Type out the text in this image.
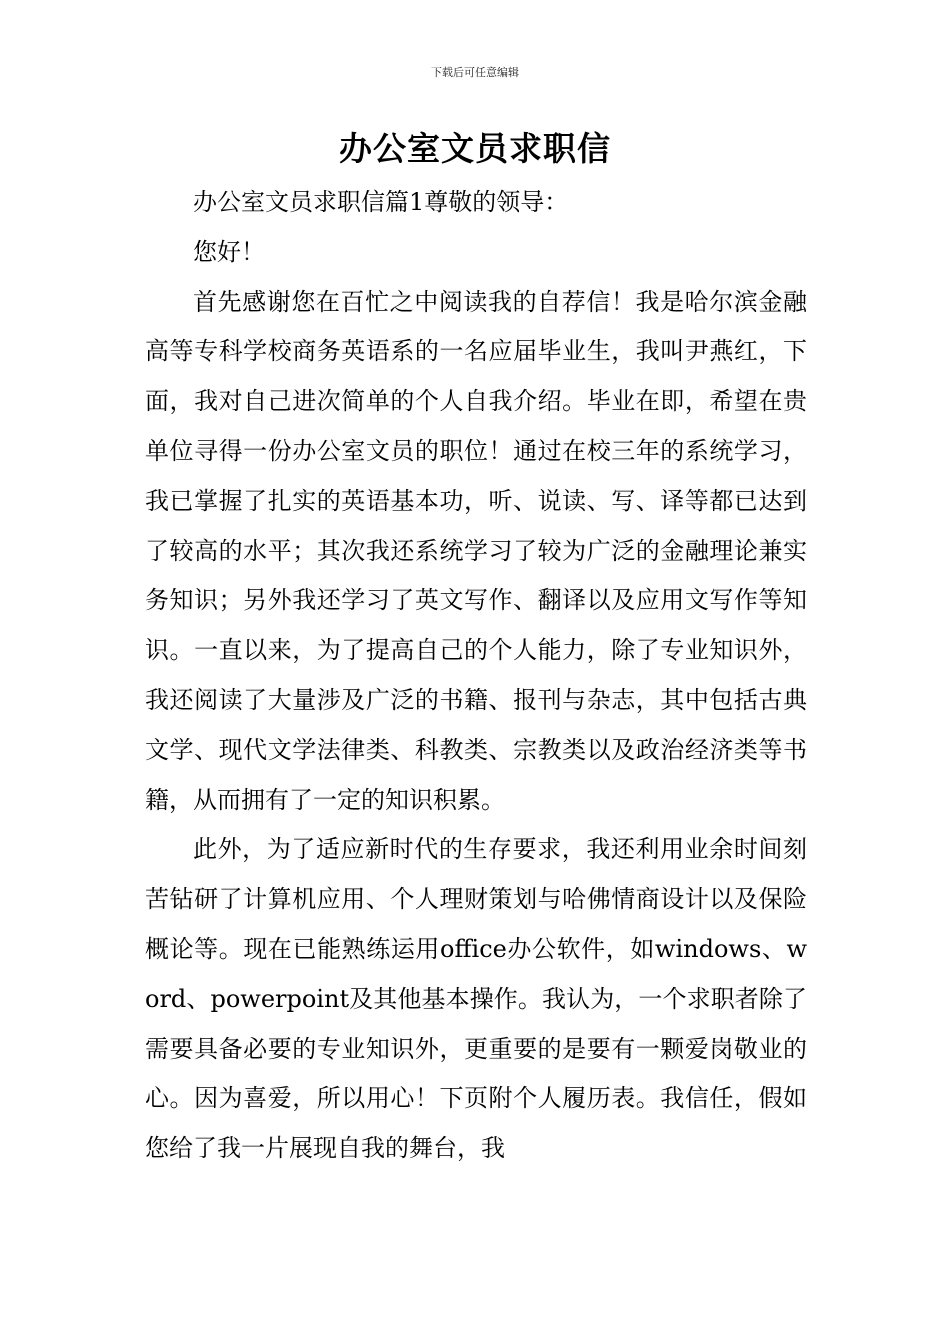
下载后可任意编辑
办公室文员求职信

办公室文员求职信篇1尊敬的领导：

您好！

首先感谢您在百忙之中阅读我的自荐信！我是哈尔滨金融高等专科学校商务英语系的一名应届毕业生，我叫尹燕红，下面，我对自己进次简单的个人自我介绍。毕业在即，希望在贵单位寻得一份办公室文员的职位！通过在校三年的系统学习，我已掌握了扎实的英语基本功，听、说读、写、译等都已达到了较高的水平；其次我还系统学习了较为广泛的金融理论兼实务知识；另外我还学习了英文写作、翻译以及应用文写作等知识。一直以来，为了提高自己的个人能力，除了专业知识外，我还阅读了大量涉及广泛的书籍、报刊与杂志，其中包括古典文学、现代文学法律类、科教类、宗教类以及政治经济类等书籍，从而拥有了一定的知识积累。

此外，为了适应新时代的生存要求，我还利用业余时间刻苦钻研了计算机应用、个人理财策划与哈佛情商设计以及保险概论等。现在已能熟练运用office办公软件，如windows、word、powerpoint及其他基本操作。我认为，一个求职者除了需要具备必要的专业知识外，更重要的是要有一颗爱岗敬业的心。因为喜爱，所以用心！下页附个人履历表。我信任，假如您给了我一片展现自我的舞台，我
